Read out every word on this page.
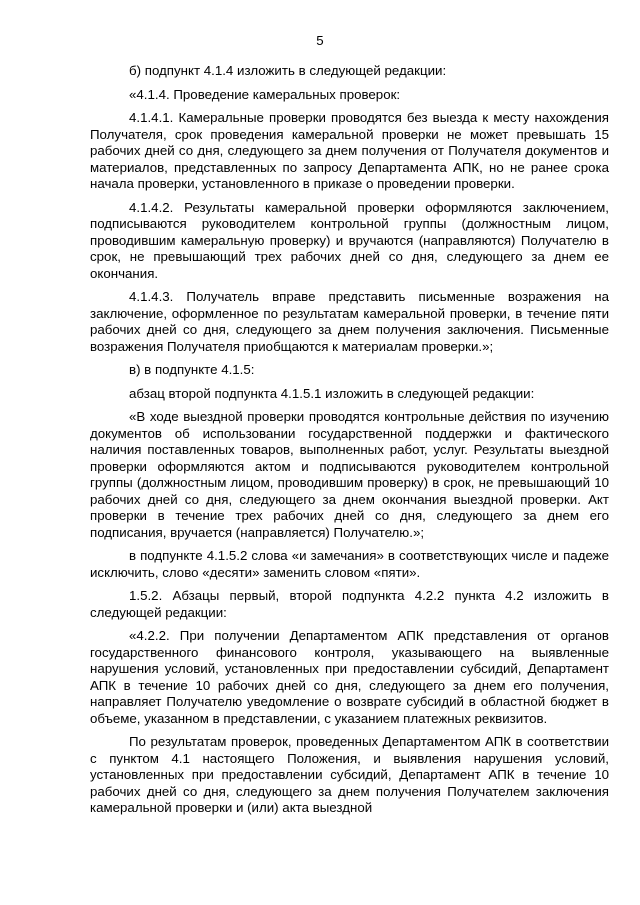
5

б) подпункт 4.1.4 изложить в следующей редакции:

«4.1.4. Проведение камеральных проверок:

4.1.4.1. Камеральные проверки проводятся без выезда к месту нахождения Получателя, срок проведения камеральной проверки не может превышать 15 рабочих дней со дня, следующего за днем получения от Получателя документов и материалов, представленных по запросу Департамента АПК, но не ранее срока начала проверки, установленного в приказе о проведении проверки.

4.1.4.2. Результаты камеральной проверки оформляются заключением, подписываются руководителем контрольной группы (должностным лицом, проводившим камеральную проверку) и вручаются (направляются) Получателю в срок, не превышающий трех рабочих дней со дня, следующего за днем ее окончания.

4.1.4.3. Получатель вправе представить письменные возражения на заключение, оформленное по результатам камеральной проверки, в течение пяти рабочих дней со дня, следующего за днем получения заключения. Письменные возражения Получателя приобщаются к материалам проверки.»;

в) в подпункте 4.1.5:

абзац второй подпункта 4.1.5.1 изложить в следующей редакции:

«В ходе выездной проверки проводятся контрольные действия по изучению документов об использовании государственной поддержки и фактического наличия поставленных товаров, выполненных работ, услуг. Результаты выездной проверки оформляются актом и подписываются руководителем контрольной группы (должностным лицом, проводившим проверку) в срок, не превышающий 10 рабочих дней со дня, следующего за днем окончания выездной проверки. Акт проверки в течение трех рабочих дней со дня, следующего за днем его подписания, вручается (направляется) Получателю.»;

в подпункте 4.1.5.2 слова «и замечания» в соответствующих числе и падеже исключить, слово «десяти» заменить словом «пяти».

1.5.2. Абзацы первый, второй подпункта 4.2.2 пункта 4.2 изложить в следующей редакции:

«4.2.2. При получении Департаментом АПК представления от органов государственного финансового контроля, указывающего на выявленные нарушения условий, установленных при предоставлении субсидий, Департамент АПК в течение 10 рабочих дней со дня, следующего за днем его получения, направляет Получателю уведомление о возврате субсидий в областной бюджет в объеме, указанном в представлении, с указанием платежных реквизитов.

По результатам проверок, проведенных Департаментом АПК в соответствии с пунктом 4.1 настоящего Положения, и выявления нарушения условий, установленных при предоставлении субсидий, Департамент АПК в течение 10 рабочих дней со дня, следующего за днем получения Получателем заключения камеральной проверки и (или) акта выездной
